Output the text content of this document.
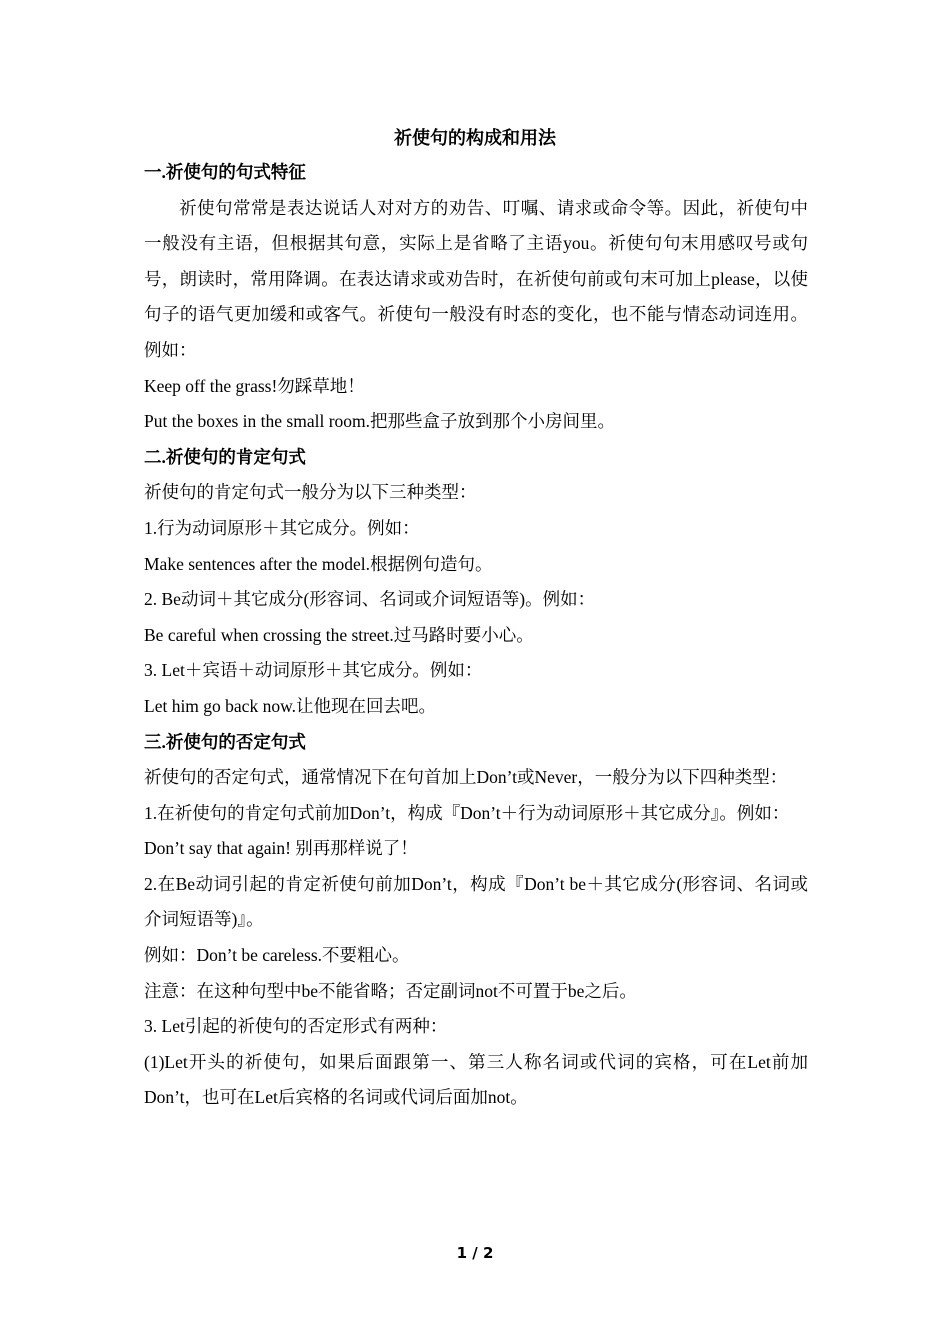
祈使句的构成和用法
一.祈使句的句式特征

祈使句常常是表达说话人对对方的劝告、叮嘱、请求或命令等。因此，祈使句中一般没有主语，但根据其句意，实际上是省略了主语you。祈使句句末用感叹号或句号，朗读时，常用降调。在表达请求或劝告时，在祈使句前或句末可加上please，以使句子的语气更加缓和或客气。祈使句一般没有时态的变化，也不能与情态动词连用。例如：

Keep off the grass!勿踩草地！

Put the boxes in the small room.把那些盒子放到那个小房间里。

二.祈使句的肯定句式

祈使句的肯定句式一般分为以下三种类型：

1.行为动词原形＋其它成分。例如：

Make sentences after the model.根据例句造句。

2. Be动词＋其它成分(形容词、名词或介词短语等)。例如：

Be careful when crossing the street.过马路时要小心。

3. Let＋宾语＋动词原形＋其它成分。例如：

Let him go back now.让他现在回去吧。

三.祈使句的否定句式

祈使句的否定句式，通常情况下在句首加上Don’t或Never，一般分为以下四种类型：

1.在祈使句的肯定句式前加Don’t，构成『Don’t＋行为动词原形＋其它成分』。例如：

Don’t say that again! 别再那样说了！

2.在Be动词引起的肯定祈使句前加Don’t，构成『Don’t be＋其它成分(形容词、名词或介词短语等)』。

例如：Don’t be careless.不要粗心。

注意：在这种句型中be不能省略；否定副词not不可置于be之后。

3. Let引起的祈使句的否定形式有两种：

(1)Let开头的祈使句，如果后面跟第一、第三人称名词或代词的宾格，可在Let前加Don’t，也可在Let后宾格的名词或代词后面加not。

1 / 2
